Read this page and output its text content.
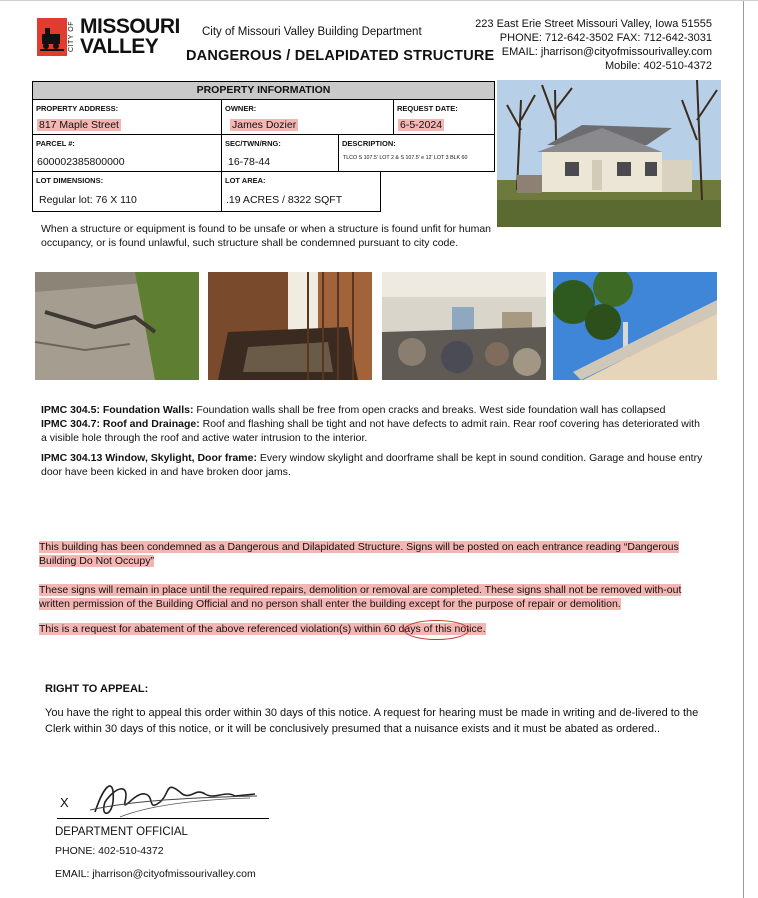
CITY OF MISSOURI
VALLEY
City of Missouri Valley Building Department
DANGEROUS / DELAPIDATED STRUCTURE
223 East Erie Street Missouri Valley, Iowa 51555
PHONE: 712-642-3502 FAX: 712-642-3031
EMAIL: jharrison@cityofmissourivalley.com
Mobile: 402-510-4372
PROPERTY INFORMATION
PROPERTY ADDRESS:
817 Maple Street
OWNER:
James Dozier
REQUEST DATE:
6-5-2024
PARCEL #:
600002385800000
SEC/TWN/RNG:
16-78-44
DESCRIPTION:
TLCO S 107.5' LOT 2 & S 107.5' e 12' LOT 3 BLK 60
LOT DIMENSIONS:
Regular lot: 76 X 110
LOT AREA:
.19 ACRES / 8322 SQFT
When a structure or equipment is found to be unsafe or when a structure is found unfit for human occupancy, or is found unlawful, such structure shall be condemned pursuant to city code.
IPMC 304.5: Foundation Walls: Foundation walls shall be free from open cracks and breaks. West side foundation wall has collapsed
IPMC 304.7: Roof and Drainage: Roof and flashing shall be tight and not have defects to admit rain. Rear roof covering has deteriorated with a visible hole through the roof and active water intrusion to the interior.
IPMC 304.13 Window, Skylight, Door frame: Every window skylight and doorframe shall be kept in sound condition. Garage and house entry door have been kicked in and have broken door jams.
This building has been condemned as a Dangerous and Dilapidated Structure. Signs will be posted on each entrance reading “Dangerous Building Do Not Occupy”
These signs will remain in place until the required repairs, demolition or removal are completed. These signs shall not be removed with-out written permission of the Building Official and no person shall enter the building except for the purpose of repair or demolition.
This is a request for abatement of the above referenced violation(s) within 60 days of this notice.
RIGHT TO APPEAL:
You have the right to appeal this order within 30 days of this notice. A request for hearing must be made in writing and de-livered to the Clerk within 30 days of this notice, or it will be conclusively presumed that a nuisance exists and it must be abated as ordered..
X
DEPARTMENT OFFICIAL
PHONE: 402-510-4372
EMAIL: jharrison@cityofmissourivalley.com
